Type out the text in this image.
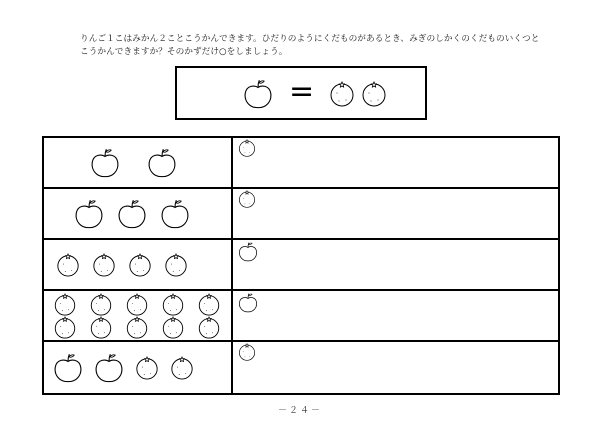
りんご１こはみかん２ことこうかんできます。ひだりのようにくだものがあるとき、みぎのしかくのくだものいくつと
こうかんできますか？そのかずだけ○をしましょう。
=
－２４－
